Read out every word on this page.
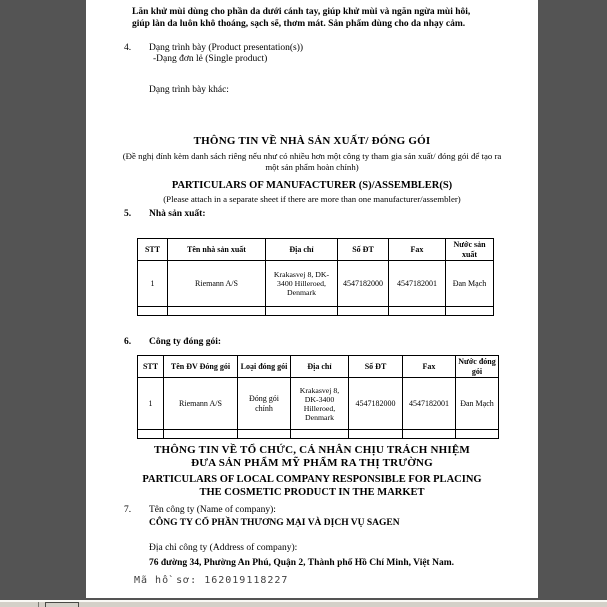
Lăn khử mùi dùng cho phần da dưới cánh tay, giúp khử mùi và ngăn ngừa mùi hôi, giúp làn da luôn khô thoáng, sạch sẽ, thơm mát. Sản phẩm dùng cho da nhạy cảm.
4. Dạng trình bày (Product presentation(s))
-Dạng đơn lẻ (Single product)
Dạng trình bày khác:
THÔNG TIN VỀ NHÀ SẢN XUẤT/ ĐÓNG GÓI
(Đề nghị đính kèm danh sách riêng nếu như có nhiều hơn một công ty tham gia sản xuất/ đóng gói để tạo ra một sản phẩm hoàn chỉnh)
PARTICULARS OF MANUFACTURER (S)/ASSEMBLER(S)
(Please attach in a separate sheet if there are more than one manufacturer/assembler)
5. Nhà sản xuất:
STT	Tên nhà sản xuất	Địa chỉ	Số ĐT	Fax	Nước sản xuất
1	Riemann A/S	Krakasvej 8, DK-3400 Hilleroed, Denmark	4547182000	4547182001	Đan Mạch

6. Công ty đóng gói:
STT	Tên ĐV Đóng gói	Loại đóng gói	Địa chỉ	Số ĐT	Fax	Nước đóng gói
1	Riemann A/S	Đóng gói chính	Krakasvej 8, DK-3400 Hilleroed, Denmark	4547182000	4547182001	Đan Mạch

THÔNG TIN VỀ TỔ CHỨC, CÁ NHÂN CHỊU TRÁCH NHIỆM
ĐƯA SẢN PHẨM MỸ PHẨM RA THỊ TRƯỜNG
PARTICULARS OF LOCAL COMPANY RESPONSIBLE FOR PLACING
THE COSMETIC PRODUCT IN THE MARKET
7. Tên công ty (Name of company):
CÔNG TY CỔ PHẦN THƯƠNG MẠI VÀ DỊCH VỤ SAGEN
Địa chỉ công ty (Address of company):
76 đường 34, Phường An Phú, Quận 2, Thành phố Hồ Chí Minh, Việt Nam.
Mã hồ sơ: 162019118227
